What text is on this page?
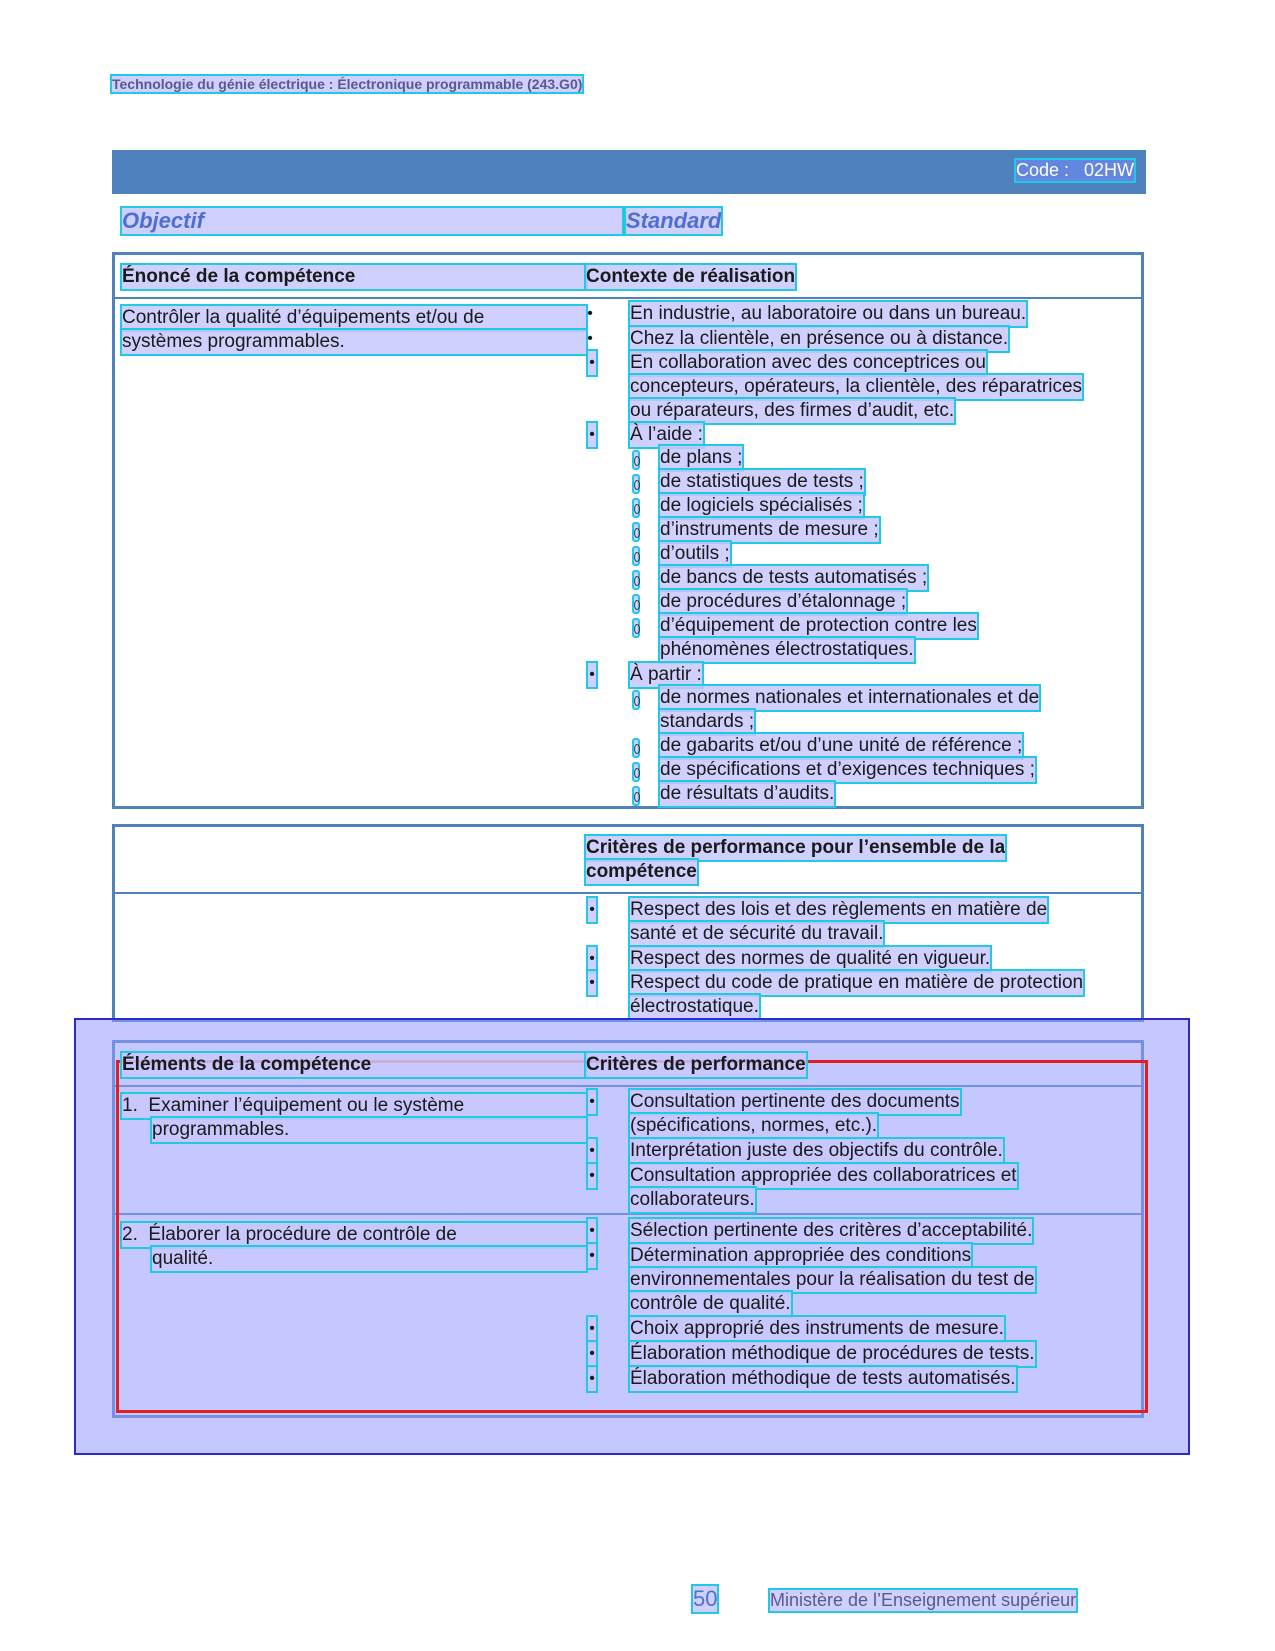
Technologie du génie électrique : Électronique programmable (243.G0)
Code :   02HW
Objectif	Standard
Énoncé de la compétence	Contexte de réalisation
Contrôler la qualité d’équipements et/ou de
systèmes programmables.
• En industrie, au laboratoire ou dans un bureau.
• Chez la clientèle, en présence ou à distance.
• En collaboration avec des conceptrices ou
concepteurs, opérateurs, la clientèle, des réparatrices
ou réparateurs, des firmes d’audit, etc.
• À l’aide :
de plans ;
de statistiques de tests ;
de logiciels spécialisés ;
d’instruments de mesure ;
d’outils ;
de bancs de tests automatisés ;
de procédures d’étalonnage ;
d’équipement de protection contre les
phénomènes électrostatiques.
• À partir :
de normes nationales et internationales et de
standards ;
de gabarits et/ou d’une unité de référence ;
de spécifications et d’exigences techniques ;
de résultats d’audits.
Critères de performance pour l’ensemble de la
compétence
• Respect des lois et des règlements en matière de
santé et de sécurité du travail.
• Respect des normes de qualité en vigueur.
• Respect du code de pratique en matière de protection
électrostatique.
Éléments de la compétence	Critères de performance
1.  Examiner l’équipement ou le système
programmables.
• Consultation pertinente des documents
(spécifications, normes, etc.).
• Interprétation juste des objectifs du contrôle.
• Consultation appropriée des collaboratrices et
collaborateurs.
2.  Élaborer la procédure de contrôle de
qualité.
• Sélection pertinente des critères d’acceptabilité.
• Détermination appropriée des conditions
environnementales pour la réalisation du test de
contrôle de qualité.
• Choix approprié des instruments de mesure.
• Élaboration méthodique de procédures de tests.
• Élaboration méthodique de tests automatisés.
50	Ministère de l’Enseignement supérieur
